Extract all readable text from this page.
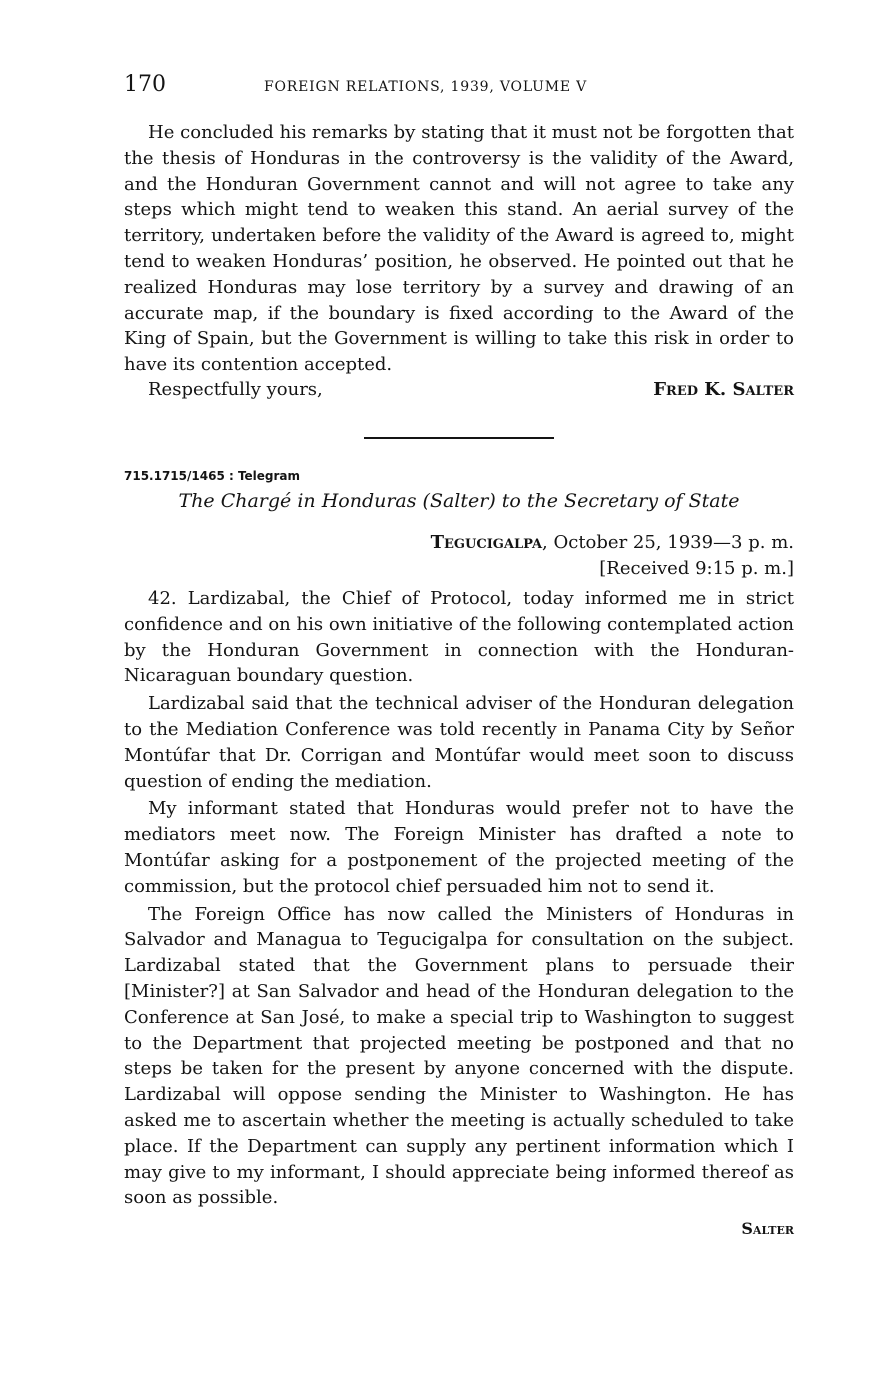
170	FOREIGN RELATIONS, 1939, VOLUME V

He concluded his remarks by stating that it must not be forgotten that the thesis of Honduras in the controversy is the validity of the Award, and the Honduran Government cannot and will not agree to take any steps which might tend to weaken this stand. An aerial survey of the territory, undertaken before the validity of the Award is agreed to, might tend to weaken Honduras’ position, he observed. He pointed out that he realized Honduras may lose territory by a survey and drawing of an accurate map, if the boundary is fixed according to the Award of the King of Spain, but the Government is willing to take this risk in order to have its contention accepted.

Respectfully yours,	Fred K. Salter
715.1715/1465 : Telegram
The Chargé in Honduras (Salter) to the Secretary of State
Tegucigalpa, October 25, 1939—3 p. m.
[Received 9:15 p. m.]

42. Lardizabal, the Chief of Protocol, today informed me in strict confidence and on his own initiative of the following contemplated action by the Honduran Government in connection with the Honduran-Nicaraguan boundary question.

Lardizabal said that the technical adviser of the Honduran delegation to the Mediation Conference was told recently in Panama City by Señor Montúfar that Dr. Corrigan and Montúfar would meet soon to discuss question of ending the mediation.

My informant stated that Honduras would prefer not to have the mediators meet now. The Foreign Minister has drafted a note to Montúfar asking for a postponement of the projected meeting of the commission, but the protocol chief persuaded him not to send it.

The Foreign Office has now called the Ministers of Honduras in Salvador and Managua to Tegucigalpa for consultation on the subject. Lardizabal stated that the Government plans to persuade their [Minister?] at San Salvador and head of the Honduran delegation to the Conference at San José, to make a special trip to Washington to suggest to the Department that projected meeting be postponed and that no steps be taken for the present by anyone concerned with the dispute. Lardizabal will oppose sending the Minister to Washington. He has asked me to ascertain whether the meeting is actually scheduled to take place. If the Department can supply any pertinent information which I may give to my informant, I should appreciate being informed thereof as soon as possible.

Salter
